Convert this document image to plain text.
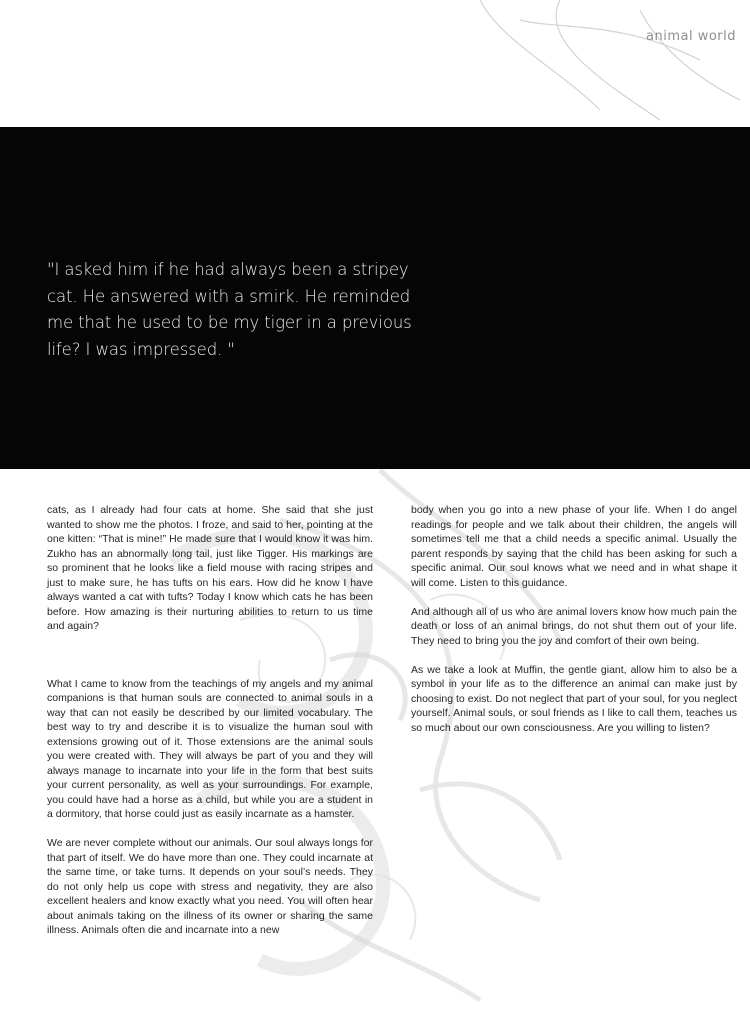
animal world

"I asked him if he had always been a stripey cat. He answered with a smirk. He reminded me that he used to be my tiger in a previous life? I was impressed. "

cats, as I already had four cats at home. She said that she just wanted to show me the photos. I froze, and said to her, pointing at the one kitten: “That is mine!” He made sure that I would know it was him. Zukho has an abnormally long tail, just like Tigger. His markings are so prominent that he looks like a field mouse with racing stripes and just to make sure, he has tufts on his ears. How did he know I have always wanted a cat with tufts? Today I know which cats he has been before. How amazing is their nurturing abilities to return to us time and again?

What I came to know from the teachings of my angels and my animal companions is that human souls are connected to animal souls in a way that can not easily be described by our limited vocabulary. The best way to try and describe it is to visualize the human soul with extensions growing out of it. Those extensions are the animal souls you were created with. They will always be part of you and they will always manage to incarnate into your life in the form that best suits your current personality, as well as your surroundings. For example, you could have had a horse as a child, but while you are a student in a dormitory, that horse could just as easily incarnate as a hamster.

We are never complete without our animals. Our soul always longs for that part of itself. We do have more than one. They could incarnate at the same time, or take turns. It depends on your soul’s needs. They do not only help us cope with stress and negativity, they are also excellent healers and know exactly what you need. You will often hear about animals taking on the illness of its owner or sharing the same illness. Animals often die and incarnate into a new

body when you go into a new phase of your life. When I do angel readings for people and we talk about their children, the angels will sometimes tell me that a child needs a specific animal. Usually the parent responds by saying that the child has been asking for such a specific animal. Our soul knows what we need and in what shape it will come. Listen to this guidance.

And although all of us who are animal lovers know how much pain the death or loss of an animal brings, do not shut them out of your life. They need to bring you the joy and comfort of their own being.

As we take a look at Muffin, the gentle giant, allow him to also be a symbol in your life as to the difference an animal can make just by choosing to exist. Do not neglect that part of your soul, for you neglect yourself. Animal souls, or soul friends as I like to call them, teaches us so much about our own consciousness. Are you willing to listen?
